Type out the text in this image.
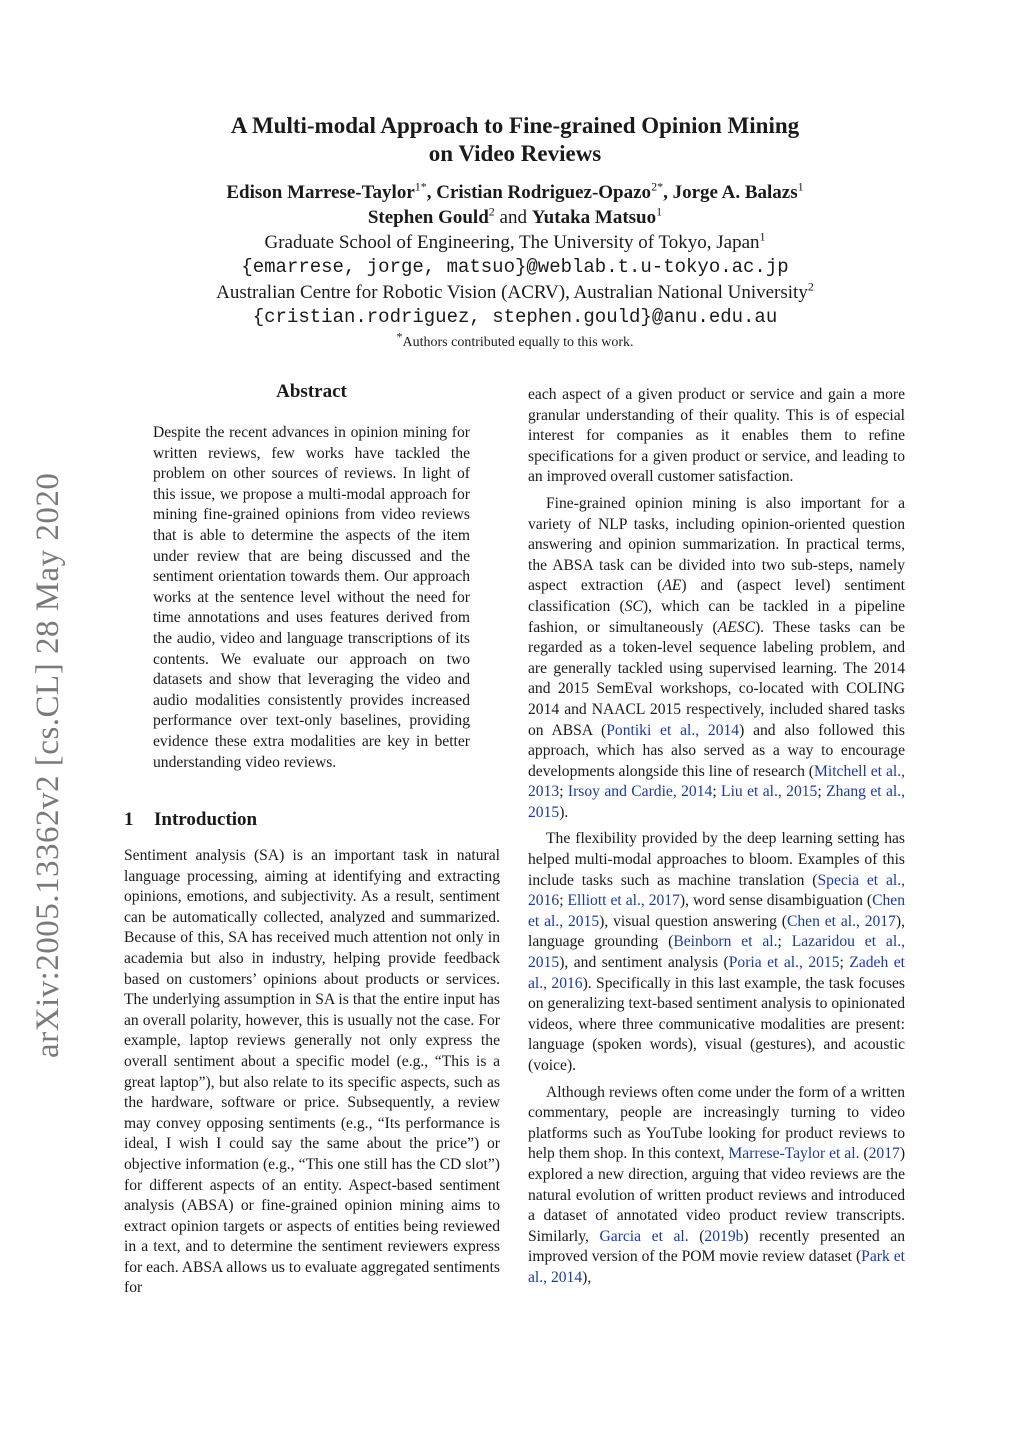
arXiv:2005.13362v2 [cs.CL] 28 May 2020
A Multi-modal Approach to Fine-grained Opinion Mining
on Video Reviews
Edison Marrese-Taylor$^{1*}$, Cristian Rodriguez-Opazo$^{2*}$, Jorge A. Balazs$^1$
Stephen Gould$^2$ and Yutaka Matsuo$^1$
Graduate School of Engineering, The University of Tokyo, Japan$^1$
{emarrese, jorge, matsuo}@weblab.t.u-tokyo.ac.jp
Australian Centre for Robotic Vision (ACRV), Australian National University$^2$
{cristian.rodriguez, stephen.gould}@anu.edu.au
*Authors contributed equally to this work.
Abstract

Despite the recent advances in opinion mining for written reviews, few works have tackled the problem on other sources of reviews. In light of this issue, we propose a multi-modal approach for mining fine-grained opinions from video reviews that is able to determine the aspects of the item under review that are being discussed and the sentiment orientation towards them. Our approach works at the sentence level without the need for time annotations and uses features derived from the audio, video and language transcriptions of its contents. We evaluate our approach on two datasets and show that leveraging the video and audio modalities consistently provides increased performance over text-only baselines, providing evidence these extra modalities are key in better understanding video reviews.

1 Introduction

Sentiment analysis (SA) is an important task in natural language processing, aiming at identifying and extracting opinions, emotions, and subjectivity. As a result, sentiment can be automatically collected, analyzed and summarized. Because of this, SA has received much attention not only in academia but also in industry, helping provide feedback based on customers’ opinions about products or services. The underlying assumption in SA is that the entire input has an overall polarity, however, this is usually not the case. For example, laptop reviews generally not only express the overall sentiment about a specific model (e.g., “This is a great laptop”), but also relate to its specific aspects, such as the hardware, software or price. Subsequently, a review may convey opposing sentiments (e.g., “Its performance is ideal, I wish I could say the same about the price”) or objective information (e.g., “This one still has the CD slot”) for different aspects of an entity. Aspect-based sentiment analysis (ABSA) or fine-grained opinion mining aims to extract opinion targets or aspects of entities being reviewed in a text, and to determine the sentiment reviewers express for each. ABSA allows us to evaluate aggregated sentiments for

each aspect of a given product or service and gain a more granular understanding of their quality. This is of especial interest for companies as it enables them to refine specifications for a given product or service, and leading to an improved overall customer satisfaction.

Fine-grained opinion mining is also important for a variety of NLP tasks, including opinion-oriented question answering and opinion summarization. In practical terms, the ABSA task can be divided into two sub-steps, namely aspect extraction (AE) and (aspect level) sentiment classification (SC), which can be tackled in a pipeline fashion, or simultaneously (AESC). These tasks can be regarded as a token-level sequence labeling problem, and are generally tackled using supervised learning. The 2014 and 2015 SemEval workshops, co-located with COLING 2014 and NAACL 2015 respectively, included shared tasks on ABSA (Pontiki et al., 2014) and also followed this approach, which has also served as a way to encourage developments alongside this line of research (Mitchell et al., 2013; Irsoy and Cardie, 2014; Liu et al., 2015; Zhang et al., 2015).

The flexibility provided by the deep learning setting has helped multi-modal approaches to bloom. Examples of this include tasks such as machine translation (Specia et al., 2016; Elliott et al., 2017), word sense disambiguation (Chen et al., 2015), visual question answering (Chen et al., 2017), language grounding (Beinborn et al.; Lazaridou et al., 2015), and sentiment analysis (Poria et al., 2015; Zadeh et al., 2016). Specifically in this last example, the task focuses on generalizing text-based sentiment analysis to opinionated videos, where three communicative modalities are present: language (spoken words), visual (gestures), and acoustic (voice).

Although reviews often come under the form of a written commentary, people are increasingly turning to video platforms such as YouTube looking for product reviews to help them shop. In this context, Marrese-Taylor et al. (2017) explored a new direction, arguing that video reviews are the natural evolution of written product reviews and introduced a dataset of annotated video product review transcripts. Similarly, Garcia et al. (2019b) recently presented an improved version of the POM movie review dataset (Park et al., 2014),
